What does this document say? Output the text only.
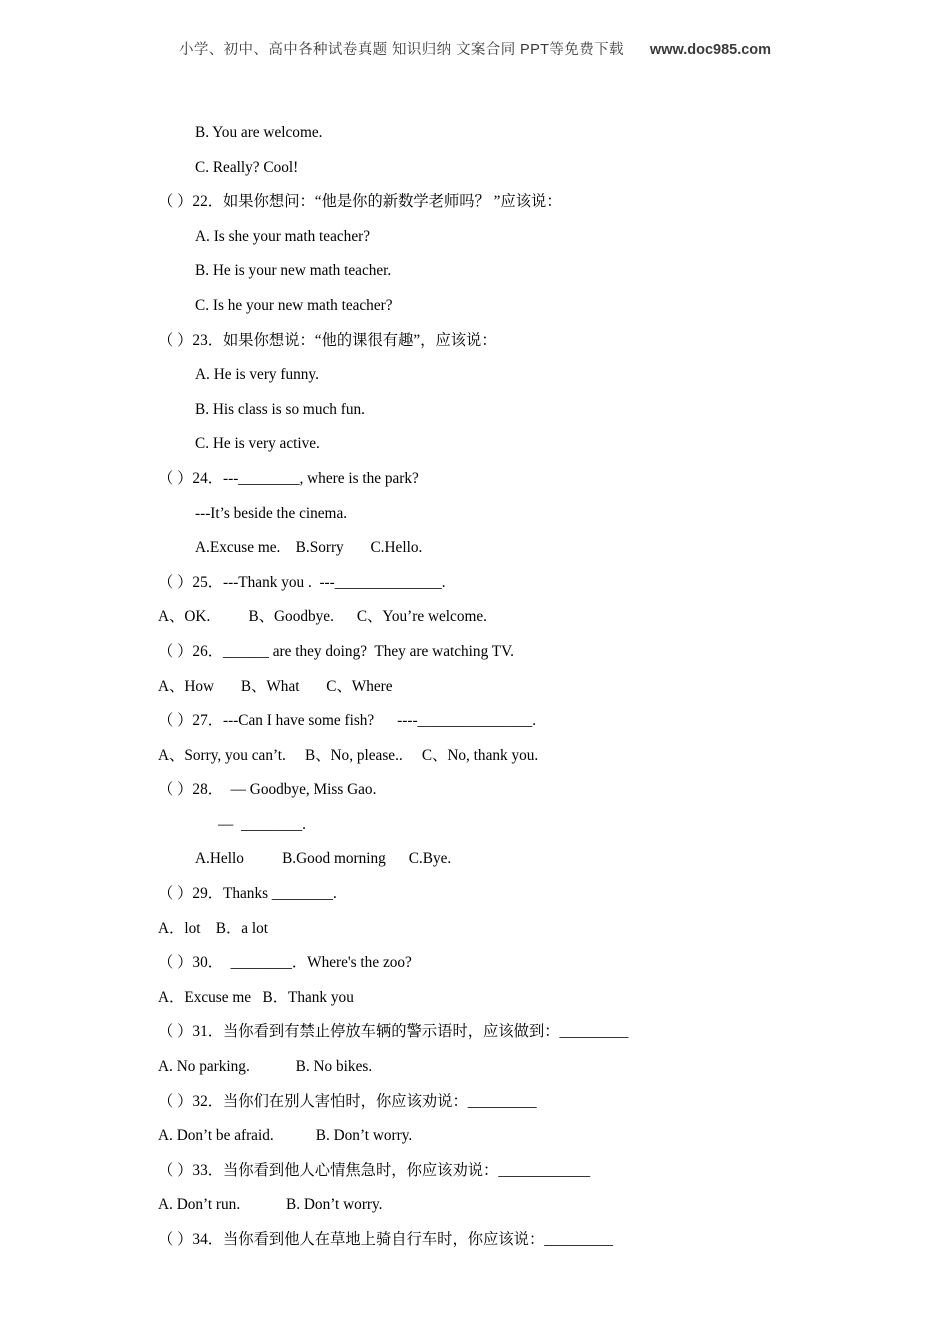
小学、初中、高中各种试卷真题 知识归纳 文案合同 PPT等免费下载 www.doc985.com
B. You are welcome.
C. Really? Cool!
（ ）22．如果你想问：“他是你的新数学老师吗？ ”应该说：
A. Is she your math teacher?
B. He is your new math teacher.
C. Is he your new math teacher?
（ ）23．如果你想说：“他的课很有趣”，应该说：
A. He is very funny.
B. His class is so much fun.
C. He is very active.
（ ）24．---________, where is the park?
---It’s beside the cinema.
A.Excuse me.    B.Sorry       C.Hello.
（ ）25．---Thank you .  ---______________.
A、OK.          B、Goodbye.      C、You’re welcome.
（ ）26．______ are they doing?  They are watching TV.
A、How       B、What       C、Where
（ ）27．---Can I have some fish?      ----_______________.
A、Sorry, you can’t.     B、No, please..     C、No, thank you.
（ ）28．  — Goodbye, Miss Gao.
—  ________.
A.Hello          B.Good morning      C.Bye.
（ ）29．Thanks ________.
A．lot    B．a lot
（ ）30．  ________．Where's the zoo?
A．Excuse me   B．Thank you
（ ）31．当你看到有禁止停放车辆的警示语时，应该做到：_________
A. No parking.            B. No bikes.
（ ）32．当你们在别人害怕时，你应该劝说：_________
A. Don’t be afraid.           B. Don’t worry.
（ ）33．当你看到他人心情焦急时，你应该劝说：____________
A. Don’t run.            B. Don’t worry.
（ ）34．当你看到他人在草地上骑自行车时，你应该说：_________
